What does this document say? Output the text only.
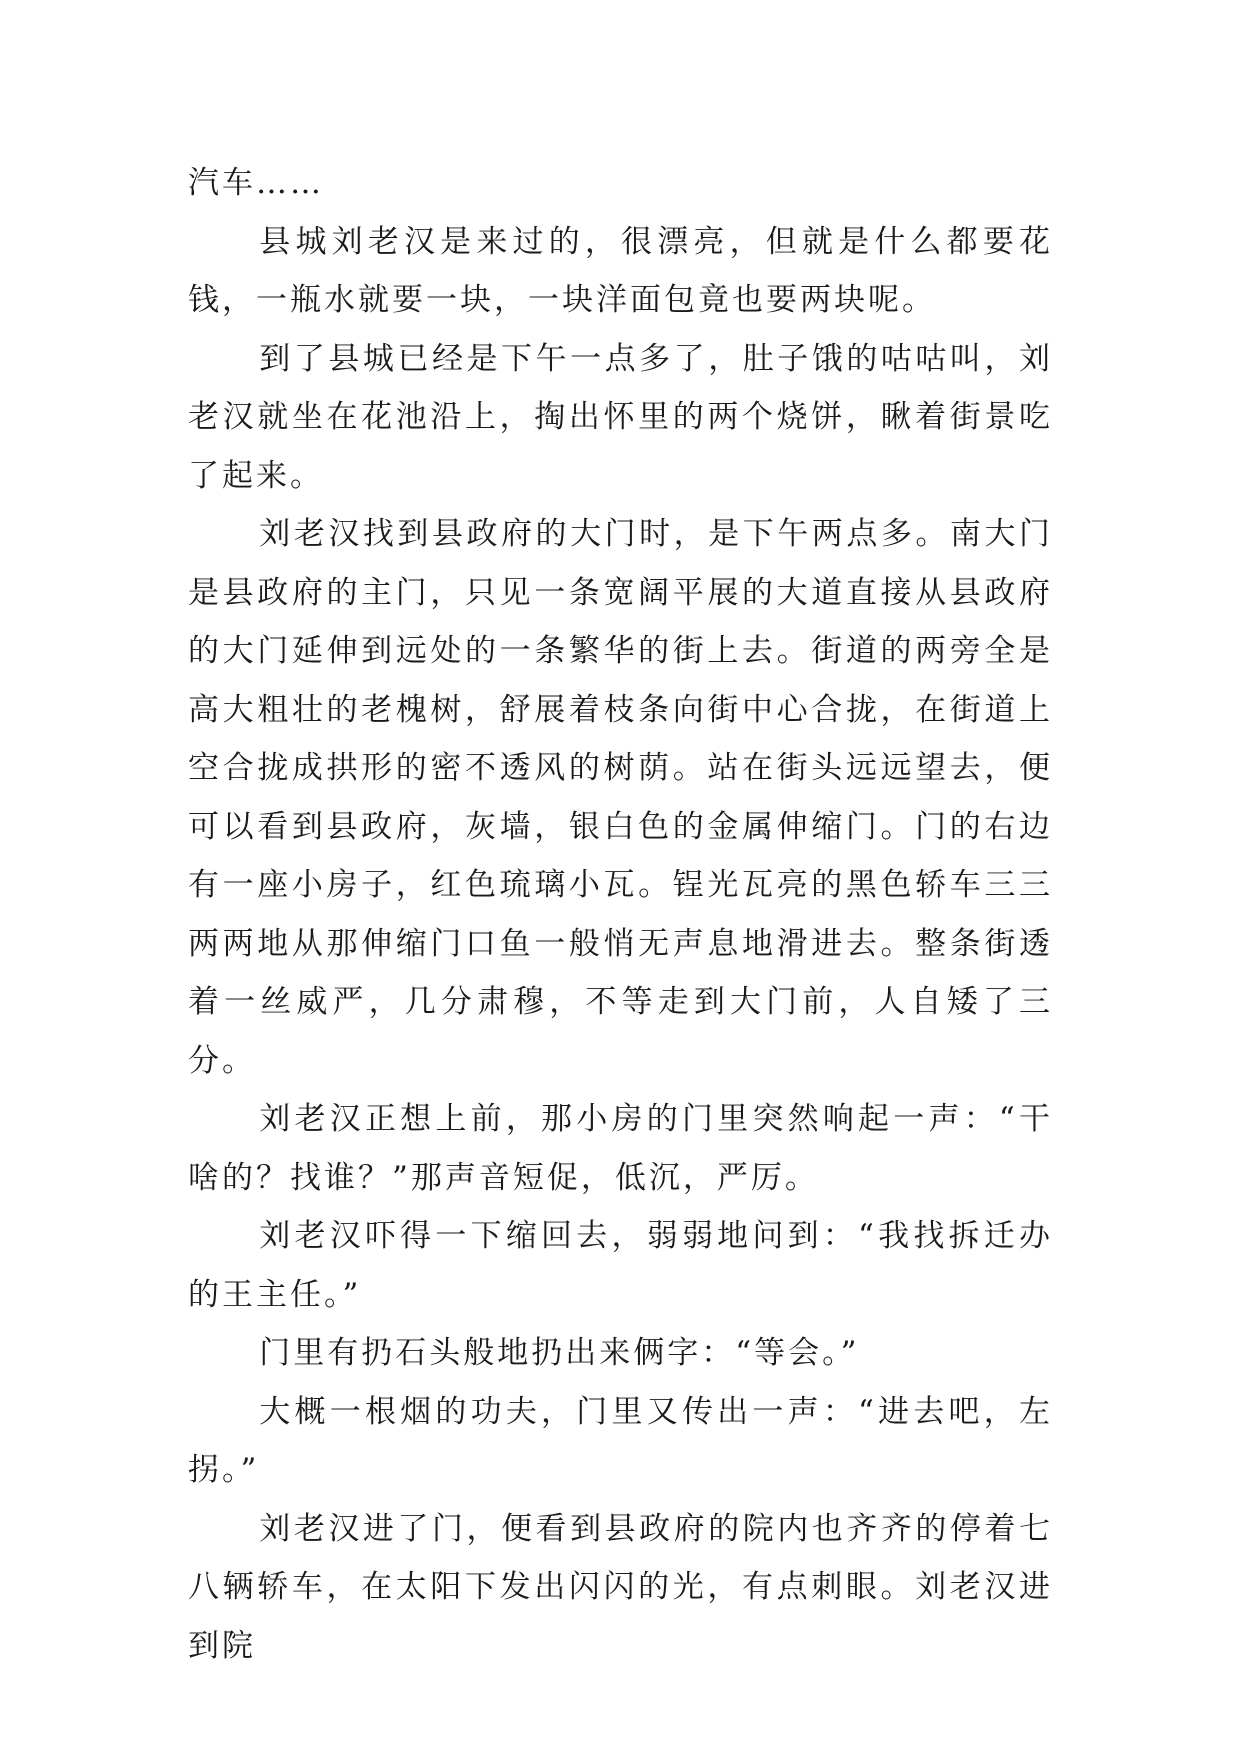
汽车……

县城刘老汉是来过的，很漂亮，但就是什么都要花钱，一瓶水就要一块，一块洋面包竟也要两块呢。

到了县城已经是下午一点多了，肚子饿的咕咕叫，刘老汉就坐在花池沿上，掏出怀里的两个烧饼，瞅着街景吃了起来。

刘老汉找到县政府的大门时，是下午两点多。南大门是县政府的主门，只见一条宽阔平展的大道直接从县政府的大门延伸到远处的一条繁华的街上去。街道的两旁全是高大粗壮的老槐树，舒展着枝条向街中心合拢，在街道上空合拢成拱形的密不透风的树荫。站在街头远远望去，便可以看到县政府，灰墙，银白色的金属伸缩门。门的右边有一座小房子，红色琉璃小瓦。锃光瓦亮的黑色轿车三三两两地从那伸缩门口鱼一般悄无声息地滑进去。整条街透着一丝威严，几分肃穆，不等走到大门前，人自矮了三分。

刘老汉正想上前，那小房的门里突然响起一声：“干啥的？找谁？”那声音短促，低沉，严厉。

刘老汉吓得一下缩回去，弱弱地问到：“我找拆迁办的王主任。”

门里有扔石头般地扔出来俩字：“等会。”

大概一根烟的功夫，门里又传出一声：“进去吧，左拐。”

刘老汉进了门，便看到县政府的院内也齐齐的停着七八辆轿车，在太阳下发出闪闪的光，有点刺眼。刘老汉进到院
